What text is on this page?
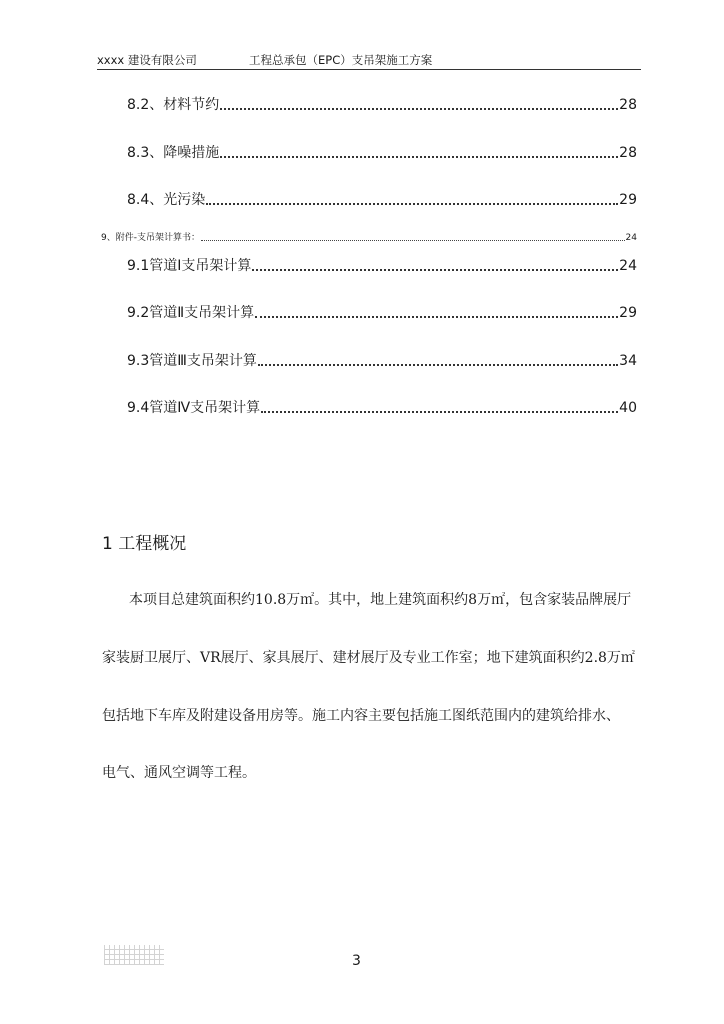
xxxx 建设有限公司	工程总承包（EPC）支吊架施工方案
8.2、材料节约	28
8.3、降噪措施	28
8.4、光污染	29
9、附件-支吊架计算书：	24
9.1管道Ⅰ支吊架计算	24
9.2管道Ⅱ支吊架计算	29
9.3管道Ⅲ支吊架计算	34
9.4管道Ⅳ支吊架计算	40
1 工程概况
本项目总建筑面积约10.8万㎡。其中，地上建筑面积约8万㎡，包含家装品牌展厅
家装厨卫展厅、VR展厅、家具展厅、建材展厅及专业工作室；地下建筑面积约2.8万㎡
包括地下车库及附建设备用房等。施工内容主要包括施工图纸范围内的建筑给排水、
电气、通风空调等工程。
3
